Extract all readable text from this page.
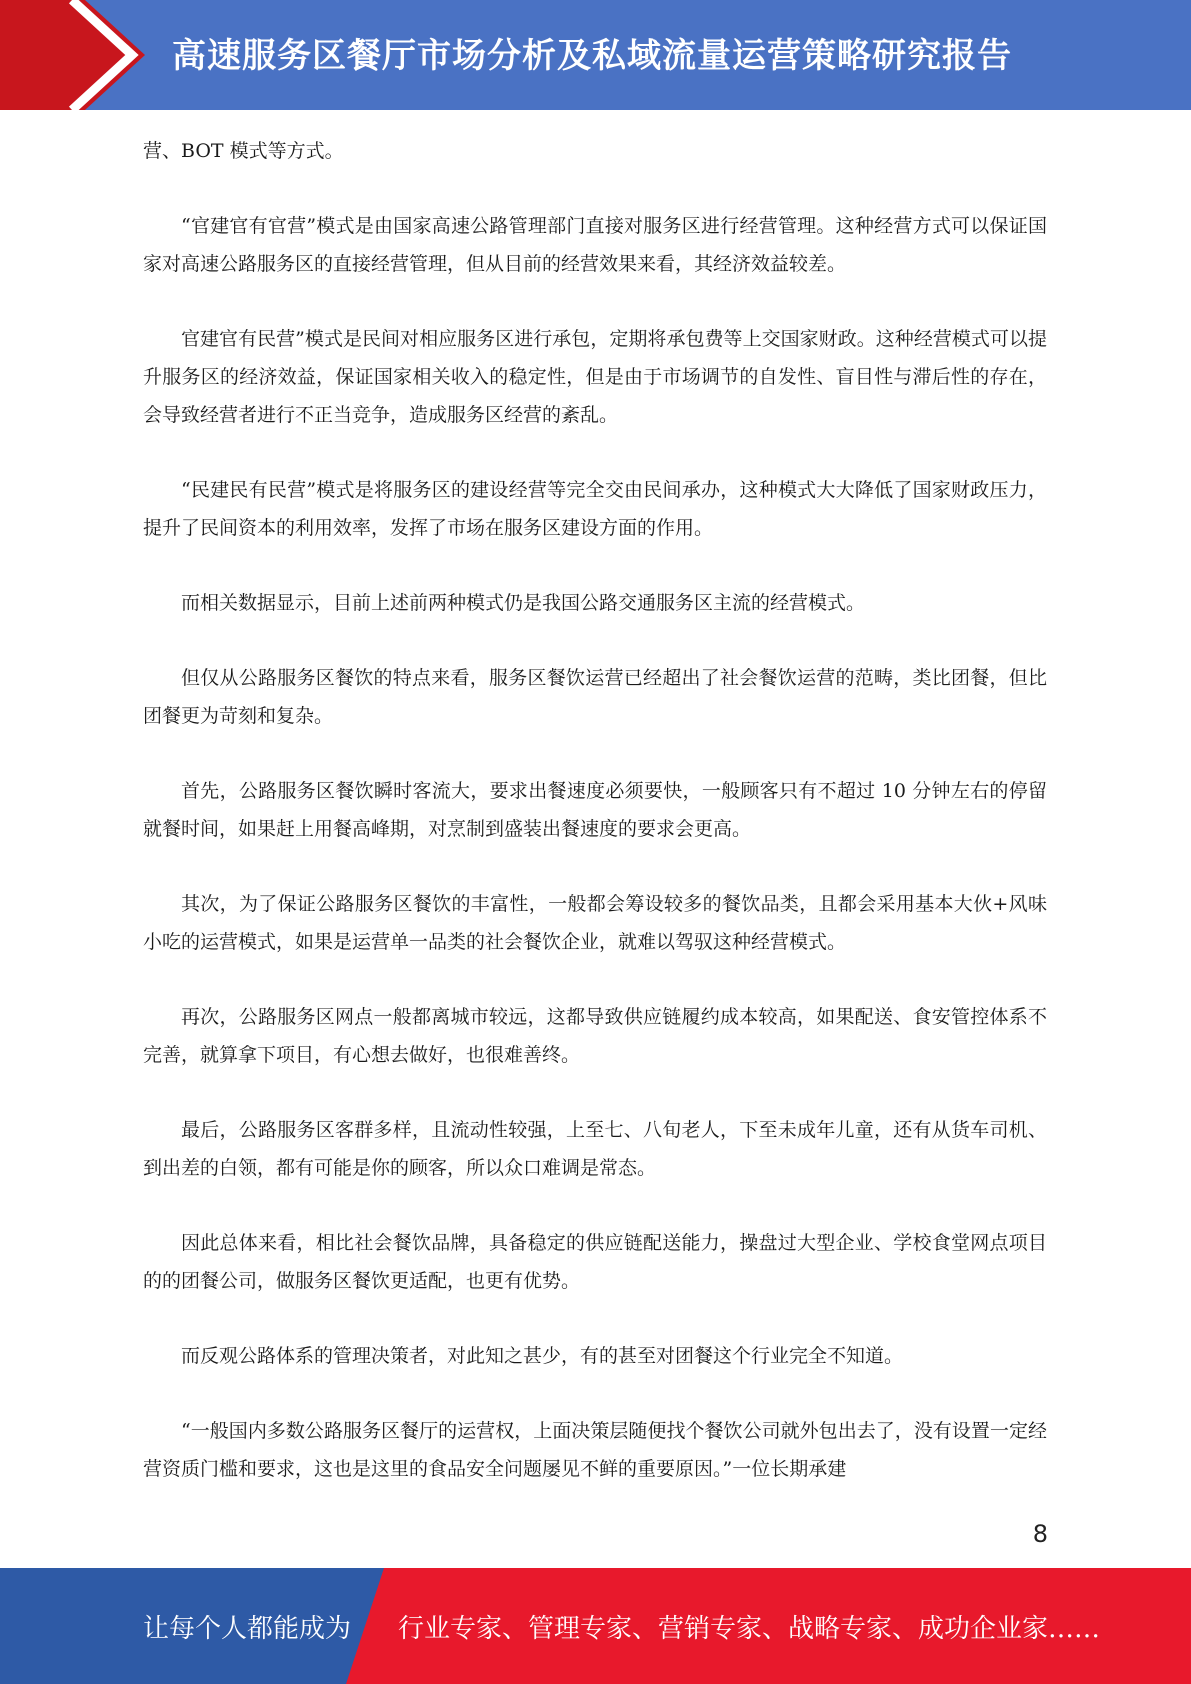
高速服务区餐厅市场分析及私域流量运营策略研究报告

营、BOT 模式等方式。

“官建官有官营”模式是由国家高速公路管理部门直接对服务区进行经营管理。这种经营方式可以保证国家对高速公路服务区的直接经营管理，但从目前的经营效果来看，其经济效益较差。

官建官有民营”模式是民间对相应服务区进行承包，定期将承包费等上交国家财政。这种经营模式可以提升服务区的经济效益，保证国家相关收入的稳定性，但是由于市场调节的自发性、盲目性与滞后性的存在，会导致经营者进行不正当竞争，造成服务区经营的紊乱。

“民建民有民营”模式是将服务区的建设经营等完全交由民间承办，这种模式大大降低了国家财政压力，提升了民间资本的利用效率，发挥了市场在服务区建设方面的作用。

而相关数据显示，目前上述前两种模式仍是我国公路交通服务区主流的经营模式。

但仅从公路服务区餐饮的特点来看，服务区餐饮运营已经超出了社会餐饮运营的范畴，类比团餐，但比团餐更为苛刻和复杂。

首先，公路服务区餐饮瞬时客流大，要求出餐速度必须要快，一般顾客只有不超过 10 分钟左右的停留就餐时间，如果赶上用餐高峰期，对烹制到盛装出餐速度的要求会更高。

其次，为了保证公路服务区餐饮的丰富性，一般都会筹设较多的餐饮品类，且都会采用基本大伙+风味小吃的运营模式，如果是运营单一品类的社会餐饮企业，就难以驾驭这种经营模式。

再次，公路服务区网点一般都离城市较远，这都导致供应链履约成本较高，如果配送、食安管控体系不完善，就算拿下项目，有心想去做好，也很难善终。

最后，公路服务区客群多样，且流动性较强，上至七、八旬老人，下至未成年儿童，还有从货车司机、到出差的白领，都有可能是你的顾客，所以众口难调是常态。

因此总体来看，相比社会餐饮品牌，具备稳定的供应链配送能力，操盘过大型企业、学校食堂网点项目的的团餐公司，做服务区餐饮更适配，也更有优势。

而反观公路体系的管理决策者，对此知之甚少，有的甚至对团餐这个行业完全不知道。

“一般国内多数公路服务区餐厅的运营权，上面决策层随便找个餐饮公司就外包出去了，没有设置一定经营资质门槛和要求，这也是这里的食品安全问题屡见不鲜的重要原因。”一位长期承建

8
让每个人都能成为 行业专家、管理专家、营销专家、战略专家、成功企业家……
